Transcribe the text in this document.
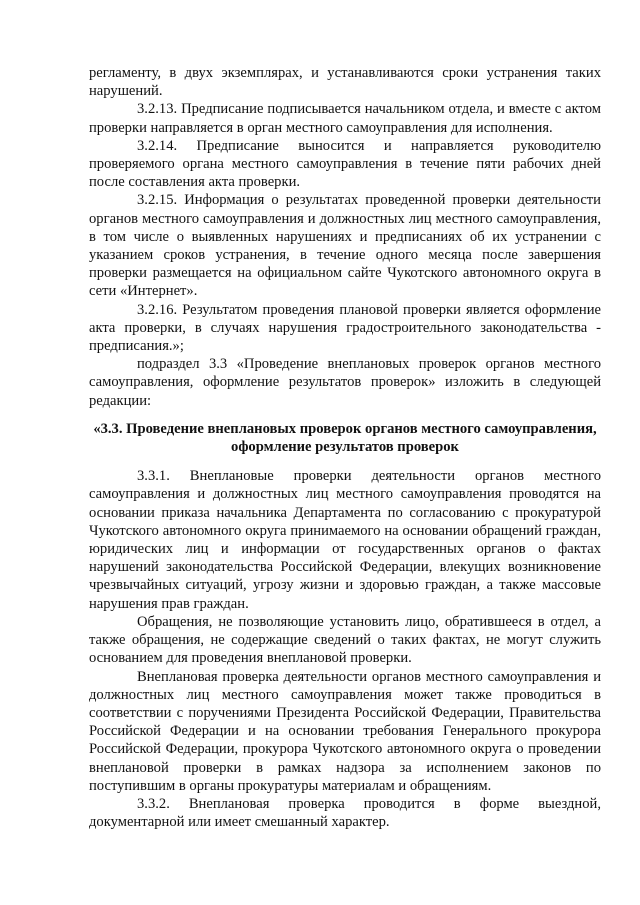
регламенту, в двух экземплярах, и устанавливаются сроки устранения таких нарушений.

3.2.13. Предписание подписывается начальником отдела, и вместе с актом проверки направляется в орган местного самоуправления для исполнения.

3.2.14. Предписание выносится и направляется руководителю проверяемого органа местного самоуправления в течение пяти рабочих дней после составления акта проверки.

3.2.15. Информация о результатах проведенной проверки деятельности органов местного самоуправления и должностных лиц местного самоуправления, в том числе о выявленных нарушениях и предписаниях об их устранении с указанием сроков устранения, в течение одного месяца после завершения проверки размещается на официальном сайте Чукотского автономного округа в сети «Интернет».

3.2.16. Результатом проведения плановой проверки является оформление акта проверки, в случаях нарушения градостроительного законодательства - предписания.»;

подраздел 3.3 «Проведение внеплановых проверок органов местного самоуправления, оформление результатов проверок» изложить в следующей редакции:

«3.3. Проведение внеплановых проверок органов местного самоуправления, оформление результатов проверок

3.3.1. Внеплановые проверки деятельности органов местного самоуправления и должностных лиц местного самоуправления проводятся на основании приказа начальника Департамента по согласованию с прокуратурой Чукотского автономного округа принимаемого на основании обращений граждан, юридических лиц и информации от государственных органов о фактах нарушений законодательства Российской Федерации, влекущих возникновение чрезвычайных ситуаций, угрозу жизни и здоровью граждан, а также массовые нарушения прав граждан.

Обращения, не позволяющие установить лицо, обратившееся в отдел, а также обращения, не содержащие сведений о таких фактах, не могут служить основанием для проведения внеплановой проверки.

Внеплановая проверка деятельности органов местного самоуправления и должностных лиц местного самоуправления может также проводиться в соответствии с поручениями Президента Российской Федерации, Правительства Российской Федерации и на основании требования Генерального прокурора Российской Федерации, прокурора Чукотского автономного округа о проведении внеплановой проверки в рамках надзора за исполнением законов по поступившим в органы прокуратуры материалам и обращениям.

3.3.2. Внеплановая проверка проводится в форме выездной, документарной или имеет смешанный характер.
